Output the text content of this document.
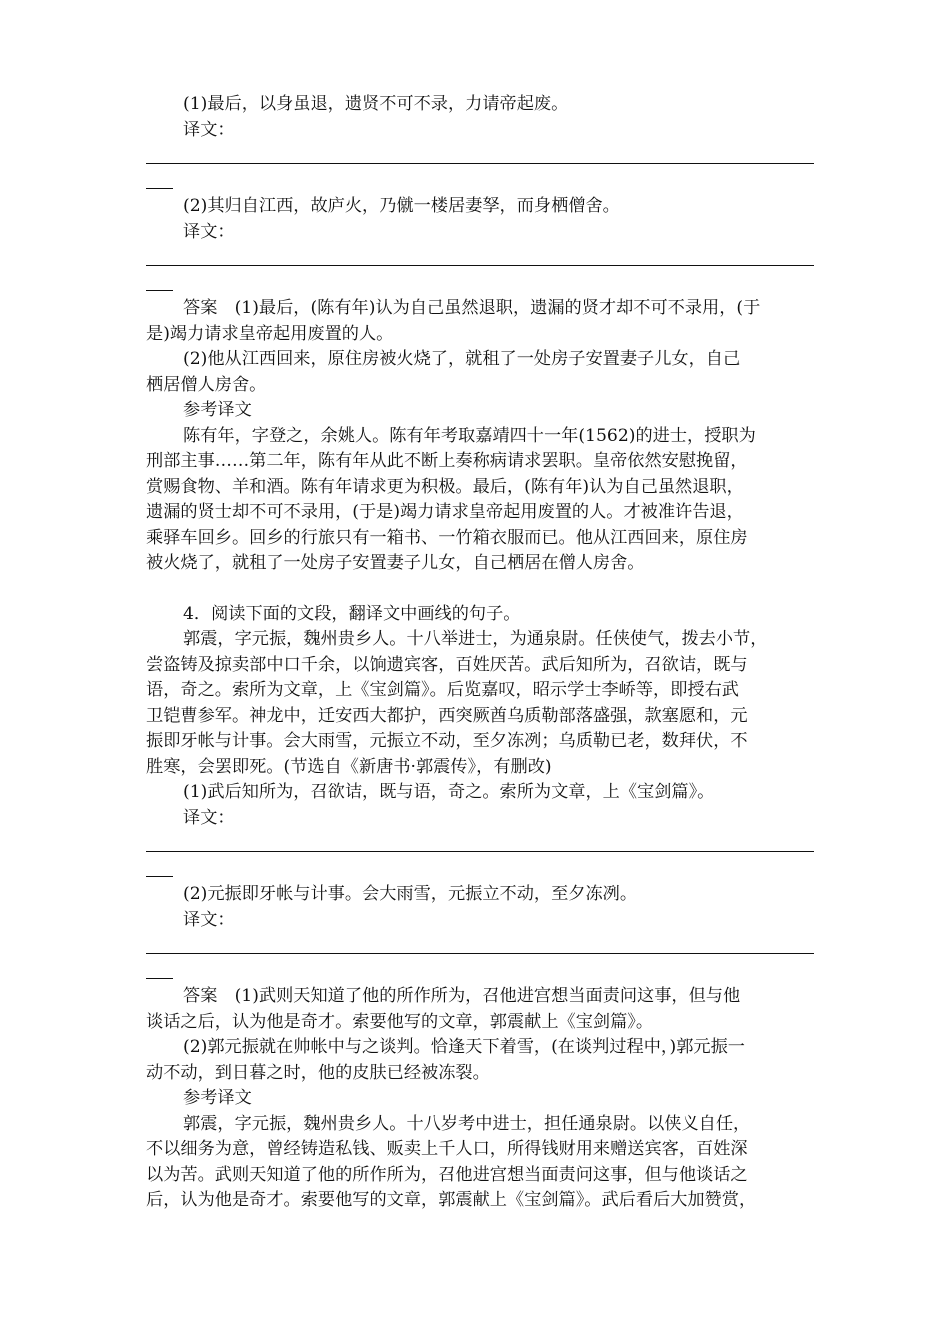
(1)最后，以身虽退，遗贤不可不录，力请帝起废。

译文：

(2)其归自江西，故庐火，乃僦一楼居妻孥，而身栖僧舍。

译文：

答案　(1)最后，(陈有年)认为自己虽然退职，遗漏的贤才却不可不录用，(于

是)竭力请求皇帝起用废置的人。

(2)他从江西回来，原住房被火烧了，就租了一处房子安置妻子儿女，自己

栖居僧人房舍。

参考译文

陈有年，字登之，余姚人。陈有年考取嘉靖四十一年(1562)的进士，授职为

刑部主事……第二年，陈有年从此不断上奏称病请求罢职。皇帝依然安慰挽留，

赏赐食物、羊和酒。陈有年请求更为积极。最后，(陈有年)认为自己虽然退职，

遗漏的贤士却不可不录用，(于是)竭力请求皇帝起用废置的人。才被准许告退，

乘驿车回乡。回乡的行旅只有一箱书、一竹箱衣服而已。他从江西回来，原住房

被火烧了，就租了一处房子安置妻子儿女，自己栖居在僧人房舍。

4．阅读下面的文段，翻译文中画线的句子。

郭震，字元振，魏州贵乡人。十八举进士，为通泉尉。任侠使气，拨去小节，

尝盗铸及掠卖部中口千余，以饷遗宾客，百姓厌苦。武后知所为，召欲诘，既与

语，奇之。索所为文章，上《宝剑篇》。后览嘉叹，昭示学士李峤等，即授右武

卫铠曹参军。神龙中，迁安西大都护，西突厥酋乌质勒部落盛强，款塞愿和，元

振即牙帐与计事。会大雨雪，元振立不动，至夕冻冽；乌质勒已老，数拜伏，不

胜寒，会罢即死。(节选自《新唐书·郭震传》，有删改)

(1)武后知所为，召欲诘，既与语，奇之。索所为文章，上《宝剑篇》。

译文：

(2)元振即牙帐与计事。会大雨雪，元振立不动，至夕冻冽。

译文：

答案　(1)武则天知道了他的所作所为，召他进宫想当面责问这事，但与他

谈话之后，认为他是奇才。索要他写的文章，郭震献上《宝剑篇》。

(2)郭元振就在帅帐中与之谈判。恰逢天下着雪，(在谈判过程中，)郭元振一

动不动，到日暮之时，他的皮肤已经被冻裂。

参考译文

郭震，字元振，魏州贵乡人。十八岁考中进士，担任通泉尉。以侠义自任，

不以细务为意，曾经铸造私钱、贩卖上千人口，所得钱财用来赠送宾客，百姓深

以为苦。武则天知道了他的所作所为，召他进宫想当面责问这事，但与他谈话之

后，认为他是奇才。索要他写的文章，郭震献上《宝剑篇》。武后看后大加赞赏，
